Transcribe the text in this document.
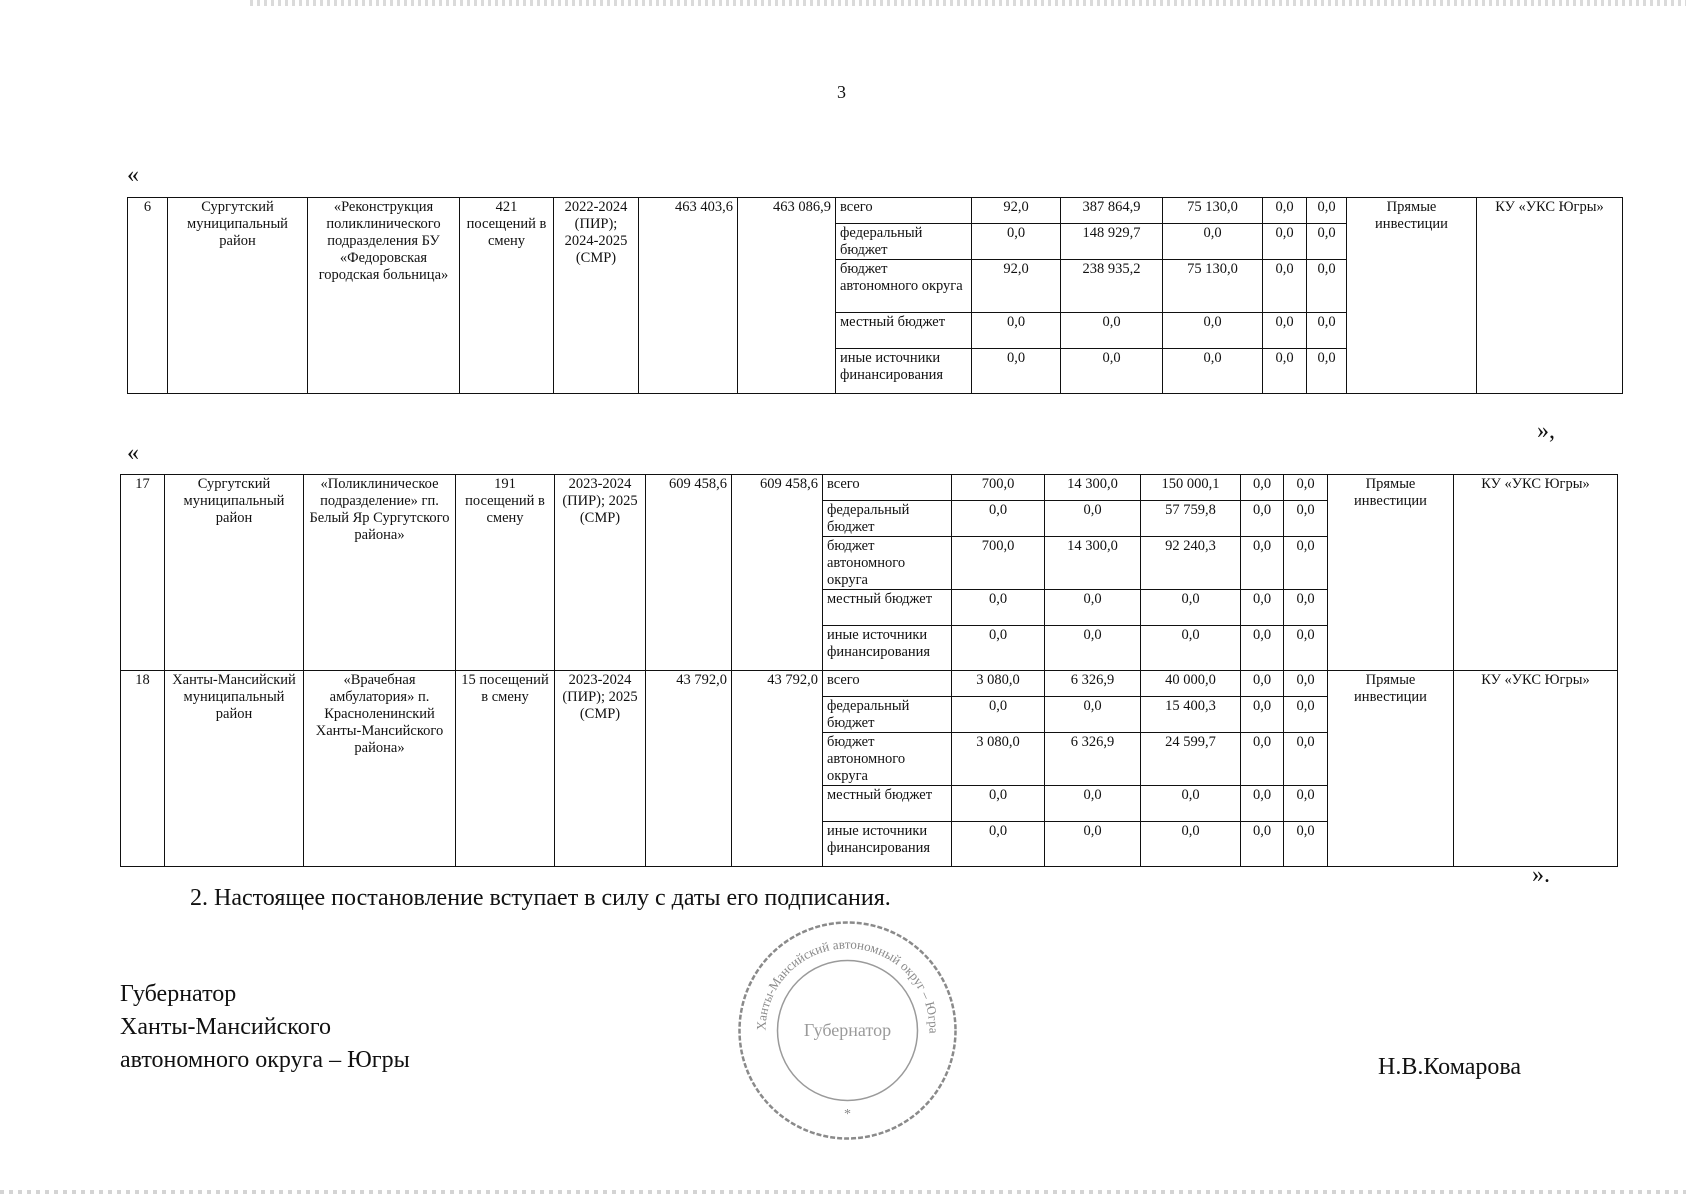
3
«
6	Сургутский муниципальный район	«Реконструкция поликлинического подразделения БУ «Федоровская городская больница»	421 посещений в смену	2022-2024 (ПИР); 2024-2025 (СМР)	463 403,6	463 086,9	всего	92,0	387 864,9	75 130,0	0,0	0,0	Прямые инвестиции	КУ «УКС Югры»
							федеральный бюджет	0,0	148 929,7	0,0	0,0	0,0		
							бюджет автономного округа	92,0	238 935,2	75 130,0	0,0	0,0		
							местный бюджет	0,0	0,0	0,0	0,0	0,0		
							иные источники финансирования	0,0	0,0	0,0	0,0	0,0		
»,
«
17	Сургутский муниципальный район	«Поликлиническое подразделение» гп. Белый Яр Сургутского района»	191 посещений в смену	2023-2024 (ПИР); 2025 (СМР)	609 458,6	609 458,6	всего	700,0	14 300,0	150 000,1	0,0	0,0	Прямые инвестиции	КУ «УКС Югры»
							федеральный бюджет	0,0	0,0	57 759,8	0,0	0,0		
							бюджет автономного округа	700,0	14 300,0	92 240,3	0,0	0,0		
							местный бюджет	0,0	0,0	0,0	0,0	0,0		
							иные источники финансирования	0,0	0,0	0,0	0,0	0,0		
18	Ханты-Мансийский муниципальный район	«Врачебная амбулатория» п. Красноленинский Ханты-Мансийского района»	15 посещений в смену	2023-2024 (ПИР); 2025 (СМР)	43 792,0	43 792,0	всего	3 080,0	6 326,9	40 000,0	0,0	0,0	Прямые инвестиции	КУ «УКС Югры»
							федеральный бюджет	0,0	0,0	15 400,3	0,0	0,0		
							бюджет автономного округа	3 080,0	6 326,9	24 599,7	0,0	0,0		
							местный бюджет	0,0	0,0	0,0	0,0	0,0		
							иные источники финансирования	0,0	0,0	0,0	0,0	0,0		
».
2. Настоящее постановление вступает в силу с даты его подписания.
Губернатор
Ханты-Мансийского
автономного округа – Югры	Н.В.Комарова
Ханты-Мансийский автономный округ – Югра
Губернатор
*
